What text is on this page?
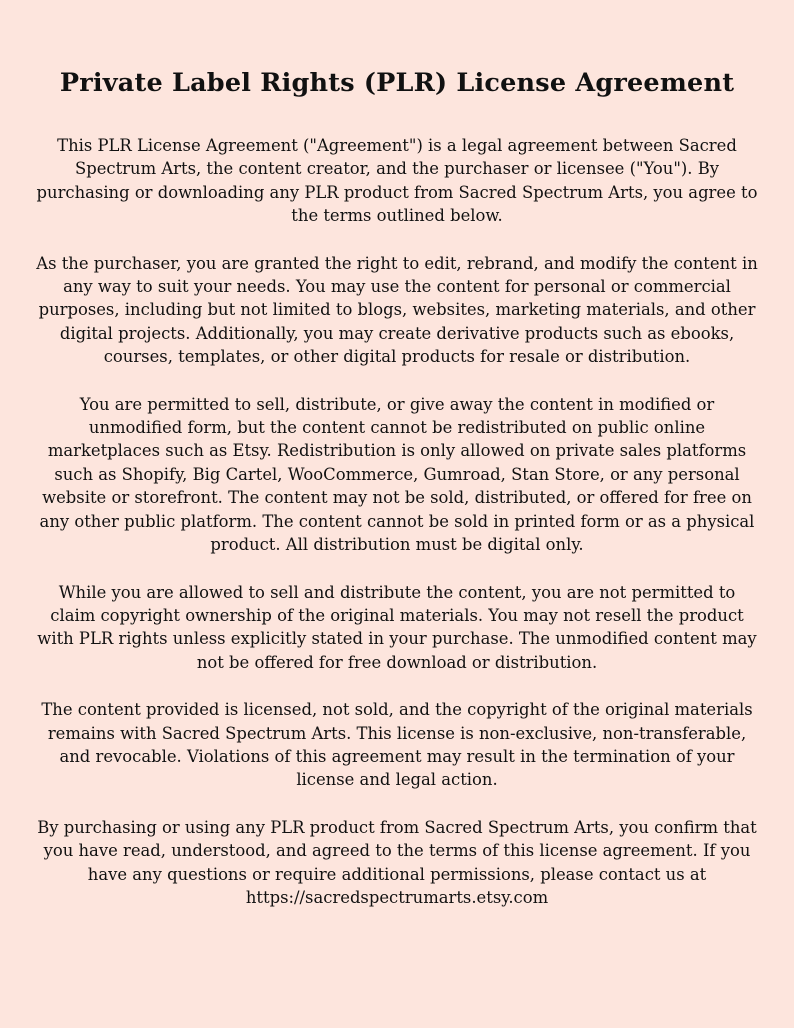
Private Label Rights (PLR) License Agreement

This PLR License Agreement ("Agreement") is a legal agreement between Sacred Spectrum Arts, the content creator, and the purchaser or licensee ("You"). By purchasing or downloading any PLR product from Sacred Spectrum Arts, you agree to the terms outlined below.

As the purchaser, you are granted the right to edit, rebrand, and modify the content in any way to suit your needs. You may use the content for personal or commercial purposes, including but not limited to blogs, websites, marketing materials, and other digital projects. Additionally, you may create derivative products such as ebooks, courses, templates, or other digital products for resale or distribution.

You are permitted to sell, distribute, or give away the content in modified or unmodified form, but the content cannot be redistributed on public online marketplaces such as Etsy. Redistribution is only allowed on private sales platforms such as Shopify, Big Cartel, WooCommerce, Gumroad, Stan Store, or any personal website or storefront. The content may not be sold, distributed, or offered for free on any other public platform. The content cannot be sold in printed form or as a physical product. All distribution must be digital only.

While you are allowed to sell and distribute the content, you are not permitted to claim copyright ownership of the original materials. You may not resell the product with PLR rights unless explicitly stated in your purchase. The unmodified content may not be offered for free download or distribution.

The content provided is licensed, not sold, and the copyright of the original materials remains with Sacred Spectrum Arts. This license is non-exclusive, non-transferable, and revocable. Violations of this agreement may result in the termination of your license and legal action.

By purchasing or using any PLR product from Sacred Spectrum Arts, you confirm that you have read, understood, and agreed to the terms of this license agreement. If you have any questions or require additional permissions, please contact us at https://sacredspectrumarts.etsy.com
